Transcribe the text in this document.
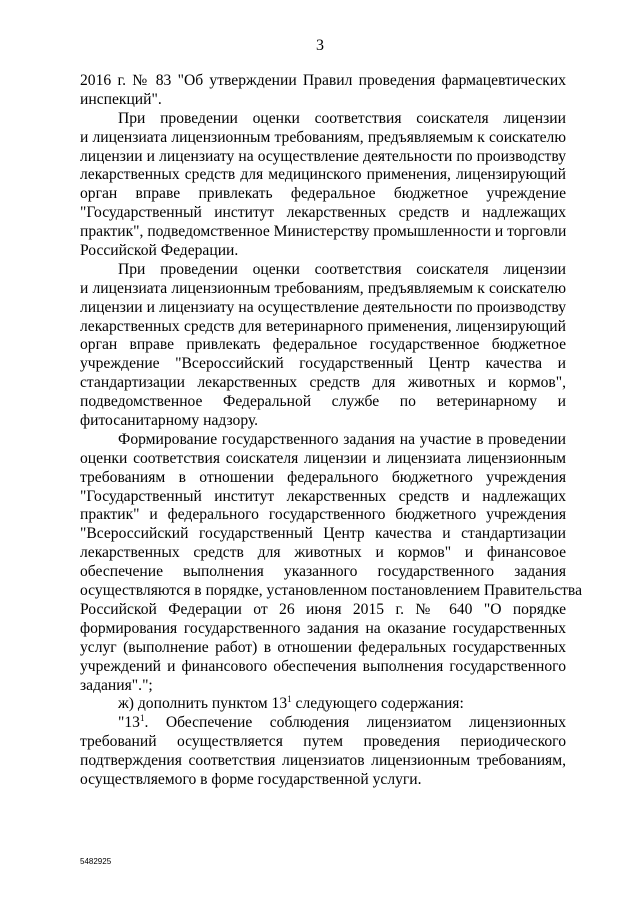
3
2016 г. № 83 "Об утверждении Правил проведения фармацевтических
инспекций".
При проведении оценки соответствия соискателя лицензии
и лицензиата лицензионным требованиям, предъявляемым к соискателю
лицензии и лицензиату на осуществление деятельности по производству
лекарственных средств для медицинского применения, лицензирующий
орган вправе привлекать федеральное бюджетное учреждение
"Государственный институт лекарственных средств и надлежащих
практик", подведомственное Министерству промышленности и торговли
Российской Федерации.
При проведении оценки соответствия соискателя лицензии
и лицензиата лицензионным требованиям, предъявляемым к соискателю
лицензии и лицензиату на осуществление деятельности по производству
лекарственных средств для ветеринарного применения, лицензирующий
орган вправе привлекать федеральное государственное бюджетное
учреждение "Всероссийский государственный Центр качества и
стандартизации лекарственных средств для животных и кормов",
подведомственное Федеральной службе по ветеринарному и
фитосанитарному надзору.
Формирование государственного задания на участие в проведении
оценки соответствия соискателя лицензии и лицензиата лицензионным
требованиям в отношении федерального бюджетного учреждения
"Государственный институт лекарственных средств и надлежащих
практик" и федерального государственного бюджетного учреждения
"Всероссийский государственный Центр качества и стандартизации
лекарственных средств для животных и кормов" и финансовое
обеспечение выполнения указанного государственного задания
осуществляются в порядке, установленном постановлением Правительства
Российской Федерации от 26 июня 2015 г. № 640 "О порядке
формирования государственного задания на оказание государственных
услуг (выполнение работ) в отношении федеральных государственных
учреждений и финансового обеспечения выполнения государственного
задания".";
ж) дополнить пунктом $13^1$ следующего содержания:
"$13^1$. Обеспечение соблюдения лицензиатом лицензионных
требований осуществляется путем проведения периодического
подтверждения соответствия лицензиатов лицензионным требованиям,
осуществляемого в форме государственной услуги.
5482925
